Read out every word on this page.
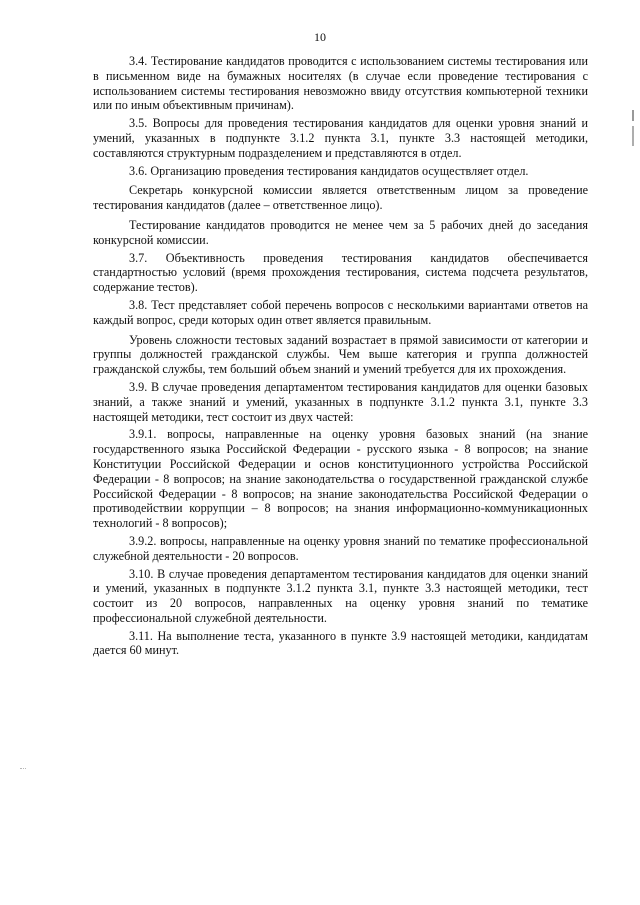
10

3.4. Тестирование кандидатов проводится с использованием системы тестирования или в письменном виде на бумажных носителях (в случае если проведение тестирования с использованием системы тестирования невозможно ввиду отсутствия компьютерной техники или по иным объективным причинам).

3.5. Вопросы для проведения тестирования кандидатов для оценки уровня знаний и умений, указанных в подпункте 3.1.2 пункта 3.1, пункте 3.3 настоящей методики, составляются структурным подразделением и представляются в отдел.

3.6. Организацию проведения тестирования кандидатов осуществляет отдел.

Секретарь конкурсной комиссии является ответственным лицом за проведение тестирования кандидатов (далее – ответственное лицо).

Тестирование кандидатов проводится не менее чем за 5 рабочих дней до заседания конкурсной комиссии.

3.7. Объективность проведения тестирования кандидатов обеспечивается стандартностью условий (время прохождения тестирования, система подсчета результатов, содержание тестов).

3.8. Тест представляет собой перечень вопросов с несколькими вариантами ответов на каждый вопрос, среди которых один ответ является правильным.

Уровень сложности тестовых заданий возрастает в прямой зависимости от категории и группы должностей гражданской службы. Чем выше категория и группа должностей гражданской службы, тем больший объем знаний и умений требуется для их прохождения.

3.9. В случае проведения департаментом тестирования кандидатов для оценки базовых знаний, а также знаний и умений, указанных в подпункте 3.1.2 пункта 3.1, пункте 3.3 настоящей методики, тест состоит из двух частей:

3.9.1. вопросы, направленные на оценку уровня базовых знаний (на знание государственного языка Российской Федерации - русского языка - 8 вопросов; на знание Конституции Российской Федерации и основ конституционного устройства Российской Федерации - 8 вопросов; на знание законодательства о государственной гражданской службе Российской Федерации - 8 вопросов; на знание законодательства Российской Федерации о противодействии коррупции – 8 вопросов; на знания информационно-коммуникационных технологий - 8 вопросов);

3.9.2. вопросы, направленные на оценку уровня знаний по тематике профессиональной служебной деятельности - 20 вопросов.

3.10. В случае проведения департаментом тестирования кандидатов для оценки знаний и умений, указанных в подпункте 3.1.2 пункта 3.1, пункте 3.3 настоящей методики, тест состоит из 20 вопросов, направленных на оценку уровня знаний по тематике профессиональной служебной деятельности.

3.11. На выполнение теста, указанного в пункте 3.9 настоящей методики, кандидатам дается 60 минут.
